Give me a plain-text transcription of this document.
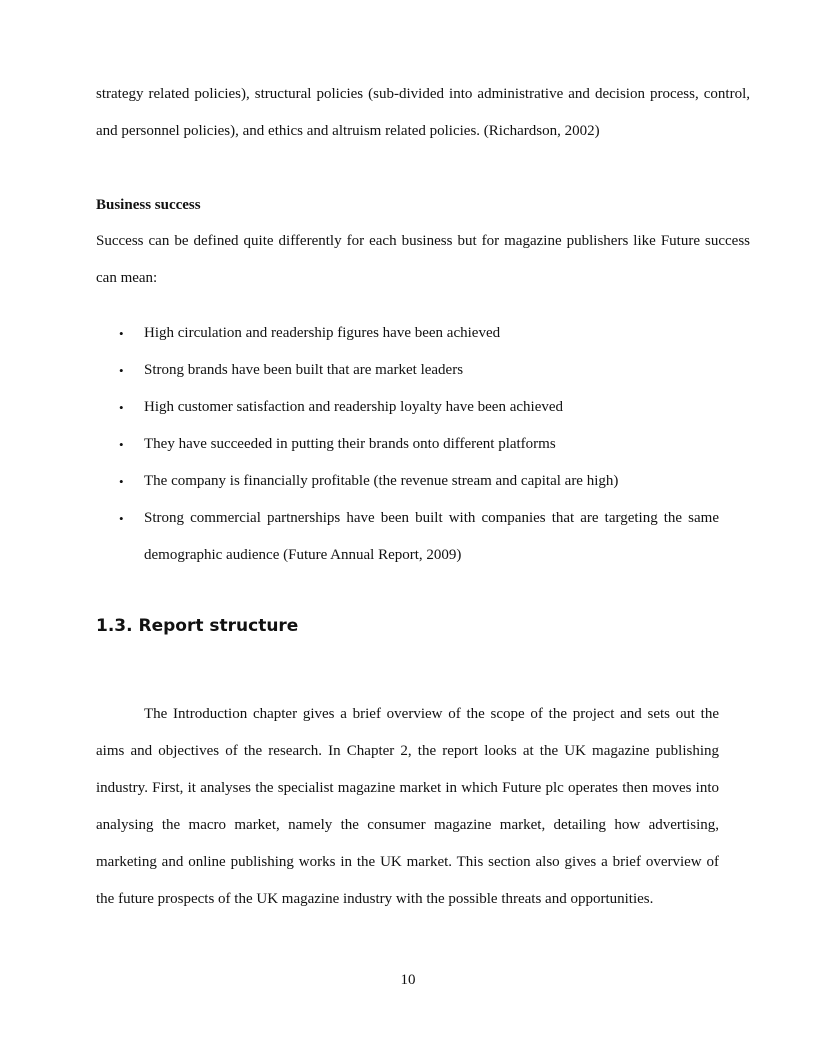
strategy related policies), structural policies (sub-divided into administrative and decision process, control, and personnel policies), and ethics and altruism related policies. (Richardson, 2002)

Business success

Success can be defined quite differently for each business but for magazine publishers like Future success can mean:

• High circulation and readership figures have been achieved
• Strong brands have been built that are market leaders
• High customer satisfaction and readership loyalty have been achieved
• They have succeeded in putting their brands onto different platforms
• The company is financially profitable (the revenue stream and capital are high)
• Strong commercial partnerships have been built with companies that are targeting the same demographic audience (Future Annual Report, 2009)
1.3. Report structure

The Introduction chapter gives a brief overview of the scope of the project and sets out the aims and objectives of the research. In Chapter 2, the report looks at the UK magazine publishing industry. First, it analyses the specialist magazine market in which Future plc operates then moves into analysing the macro market, namely the consumer magazine market, detailing how advertising, marketing and online publishing works in the UK market. This section also gives a brief overview of the future prospects of the UK magazine industry with the possible threats and opportunities.

10
